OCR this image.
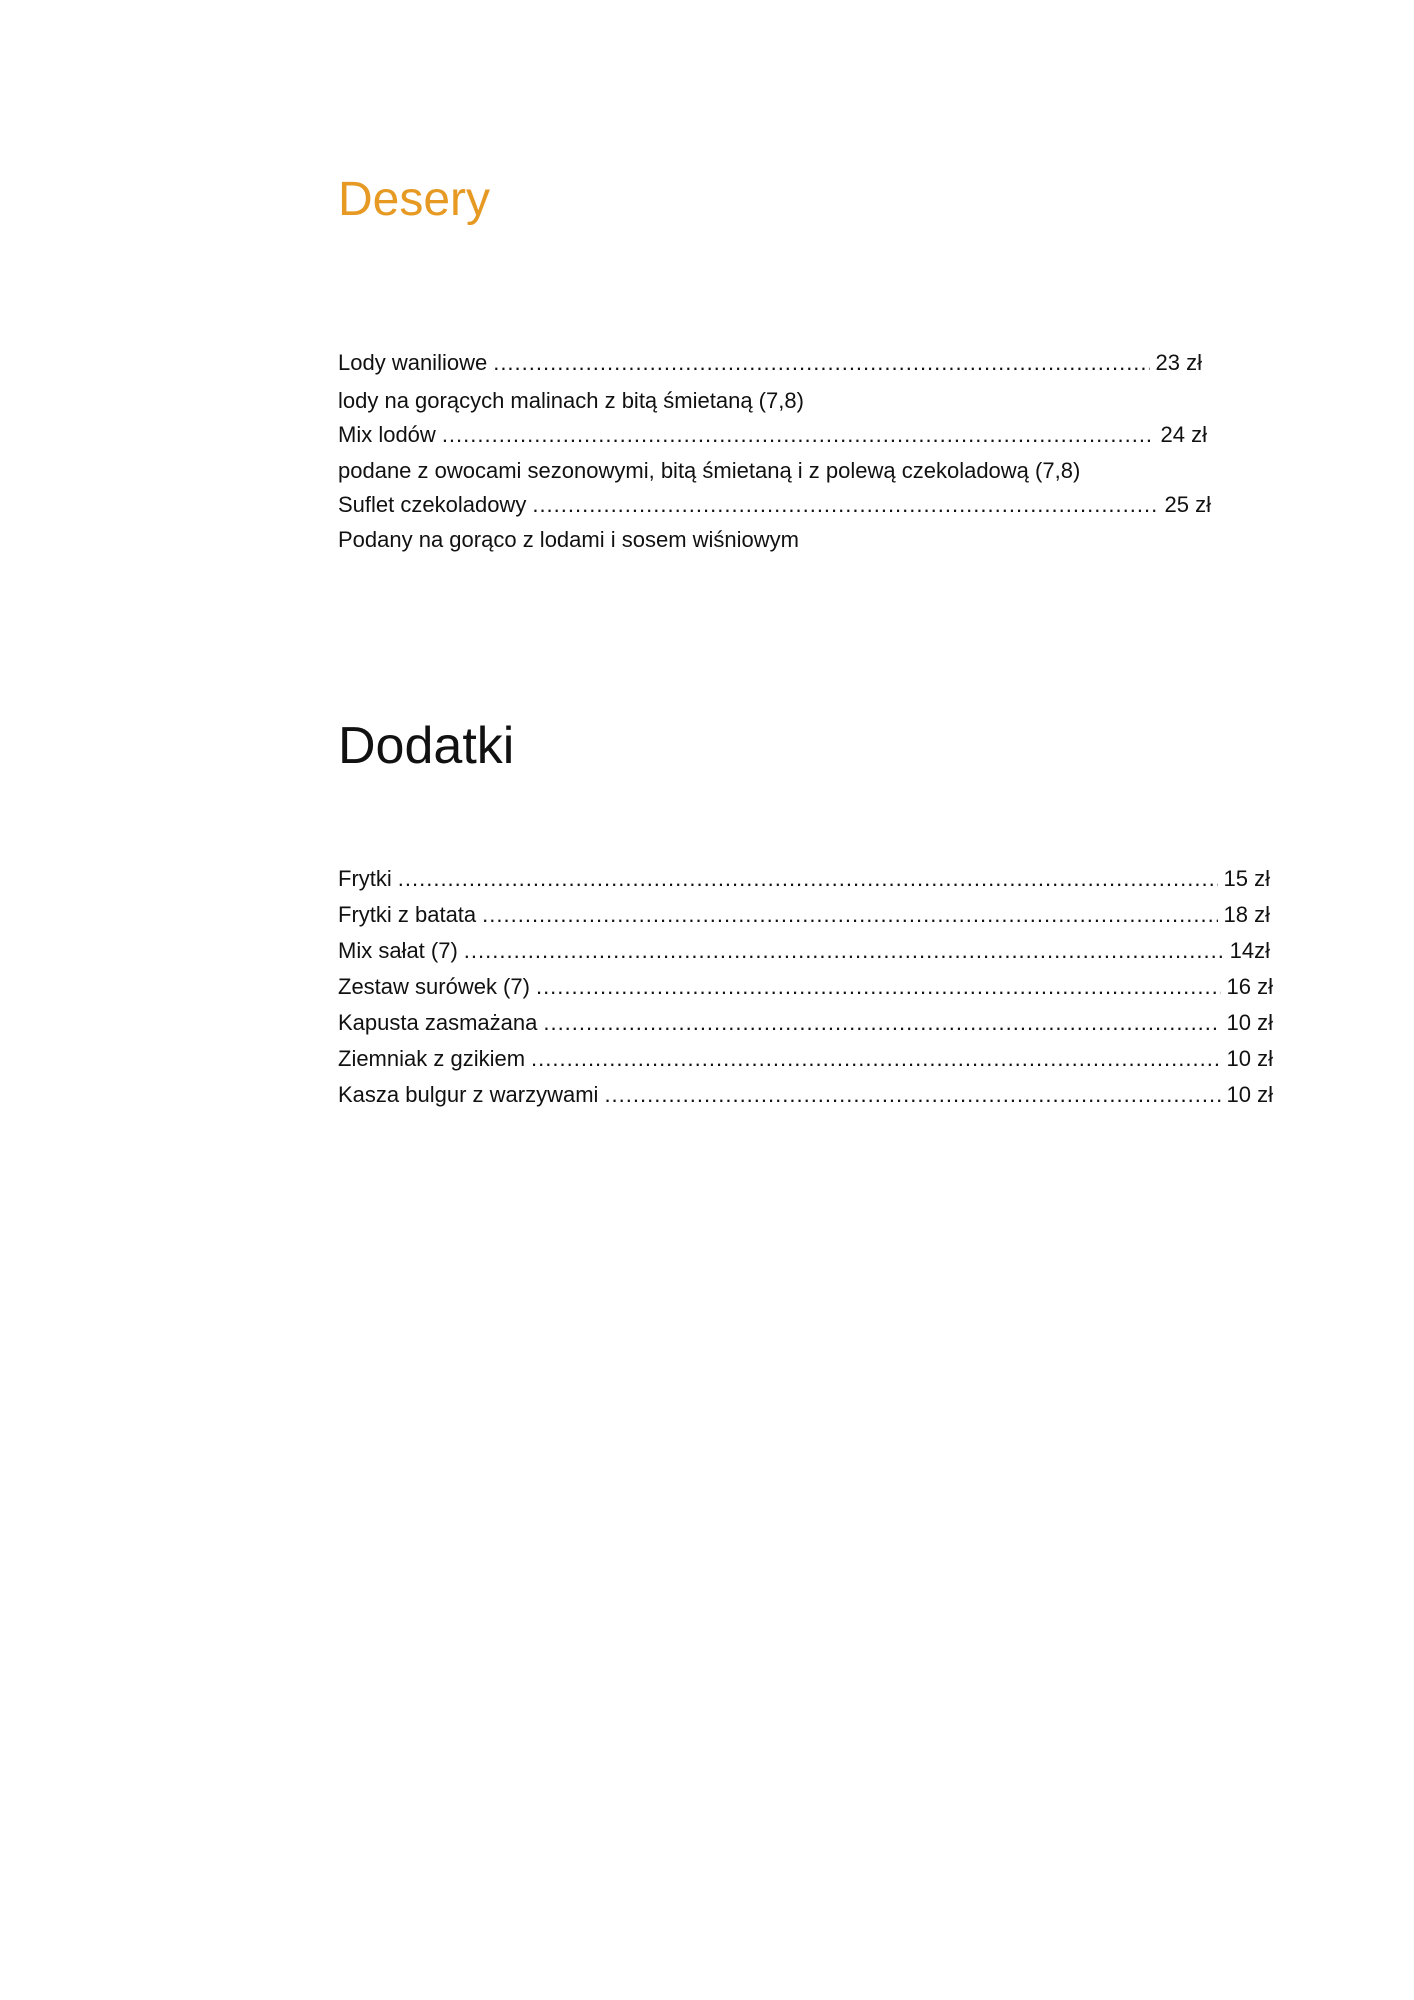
Desery
Lody waniliowe .....	23 zł
lody na gorących malinach z bitą śmietaną (7,8)
Mix lodów .....	24 zł
podane z owocami sezonowymi, bitą śmietaną i z polewą czekoladową (7,8)
Suflet czekoladowy .....	25 zł
Podany na gorąco z lodami i sosem wiśniowym
Dodatki
Frytki .....	15 zł
Frytki z batata .....	18 zł
Mix sałat (7) .....	14zł
Zestaw surówek (7) .....	16 zł
Kapusta zasmażana .....	10 zł
Ziemniak z gzikiem .....	10 zł
Kasza bulgur z warzywami .....	10 zł
